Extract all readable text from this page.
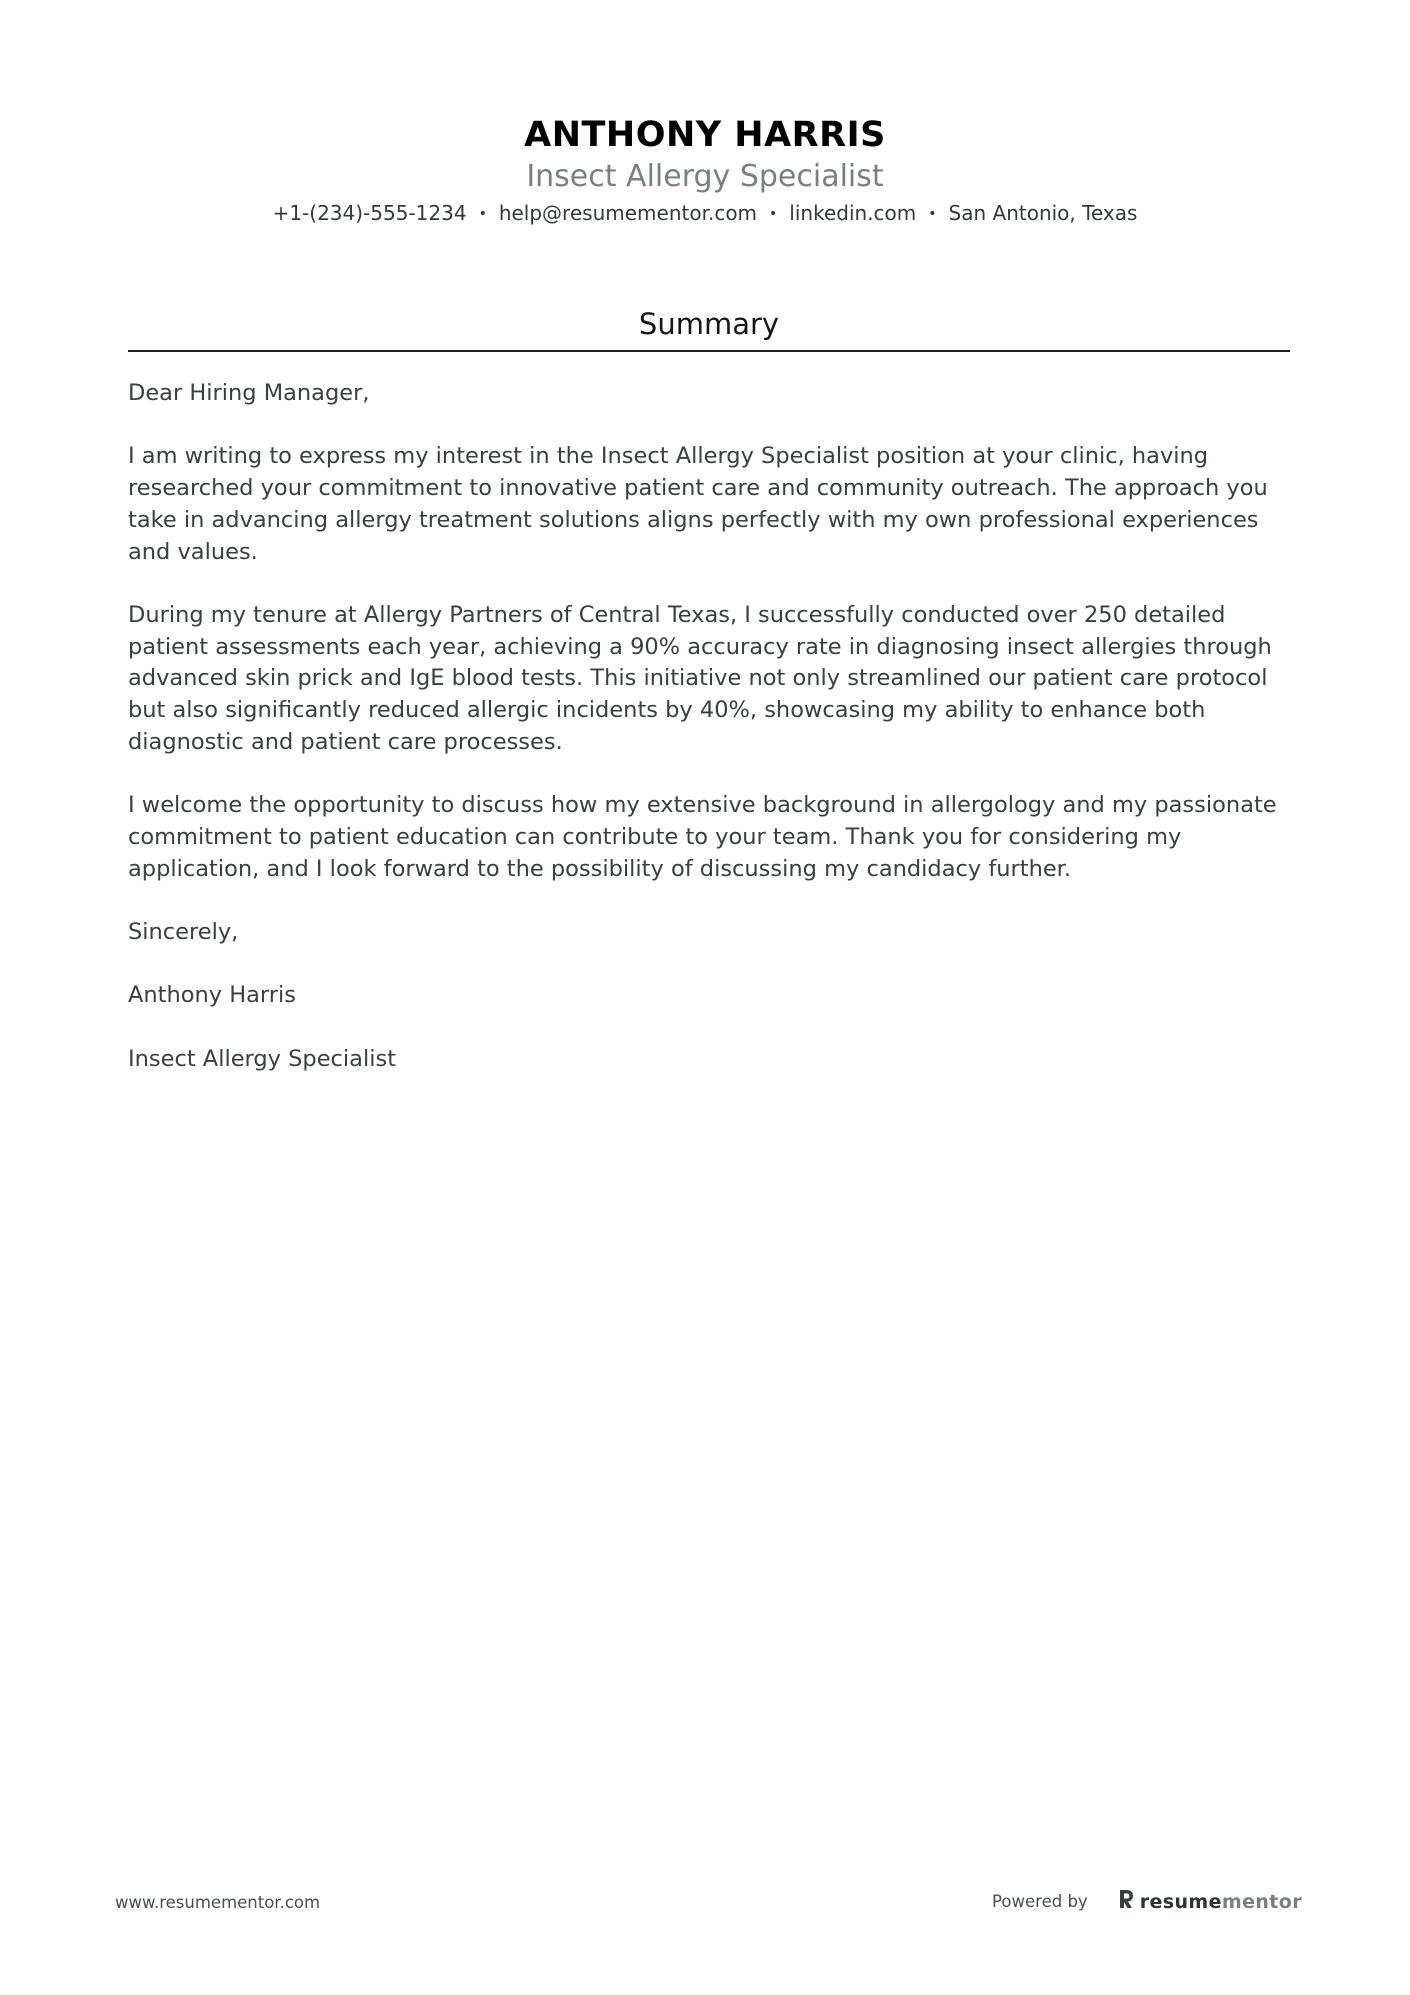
ANTHONY HARRIS
Insect Allergy Specialist
+1-(234)-555-1234 • help@resumementor.com • linkedin.com • San Antonio, Texas
Summary

Dear Hiring Manager,

I am writing to express my interest in the Insect Allergy Specialist position at your clinic, having researched your commitment to innovative patient care and community outreach. The approach you take in advancing allergy treatment solutions aligns perfectly with my own professional experiences and values.

During my tenure at Allergy Partners of Central Texas, I successfully conducted over 250 detailed patient assessments each year, achieving a 90% accuracy rate in diagnosing insect allergies through advanced skin prick and IgE blood tests. This initiative not only streamlined our patient care protocol but also significantly reduced allergic incidents by 40%, showcasing my ability to enhance both diagnostic and patient care processes.

I welcome the opportunity to discuss how my extensive background in allergology and my passionate commitment to patient education can contribute to your team. Thank you for considering my application, and I look forward to the possibility of discussing my candidacy further.

Sincerely,

Anthony Harris

Insect Allergy Specialist

www.resumementor.com	Powered by	resume mentor
